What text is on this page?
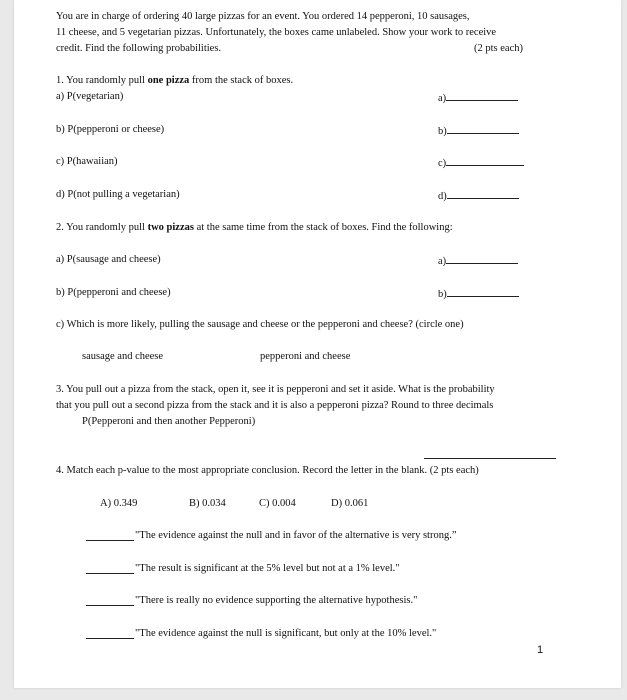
You are in charge of ordering 40 large pizzas for an event. You ordered 14 pepperoni, 10 sausages,
11 cheese, and 5 vegetarian pizzas. Unfortunately, the boxes came unlabeled. Show your work to receive
credit. Find the following probabilities.	(2 pts each)
1. You randomly pull one pizza from the stack of boxes.
a) P(vegetarian)	a)
b) P(pepperoni or cheese)	b)
c) P(hawaiian)	c)
d) P(not pulling a vegetarian)	d)
2. You randomly pull two pizzas at the same time from the stack of boxes. Find the following:
a) P(sausage and cheese)	a)
b) P(pepperoni and cheese)	b)
c) Which is more likely, pulling the sausage and cheese or the pepperoni and cheese? (circle one)
sausage and cheese	pepperoni and cheese
3. You pull out a pizza from the stack, open it, see it is pepperoni and set it aside. What is the probability
that you pull out a second pizza from the stack and it is also a pepperoni pizza? Round to three decimals
P(Pepperoni and then another Pepperoni)
4. Match each p-value to the most appropriate conclusion. Record the letter in the blank. (2 pts each)
A) 0.349	B) 0.034	C) 0.004	D) 0.061
"The evidence against the null and in favor of the alternative is very strong.”
"The result is significant at the 5% level but not at a 1% level."
"There is really no evidence supporting the alternative hypothesis."
"The evidence against the null is significant, but only at the 10% level."
1
